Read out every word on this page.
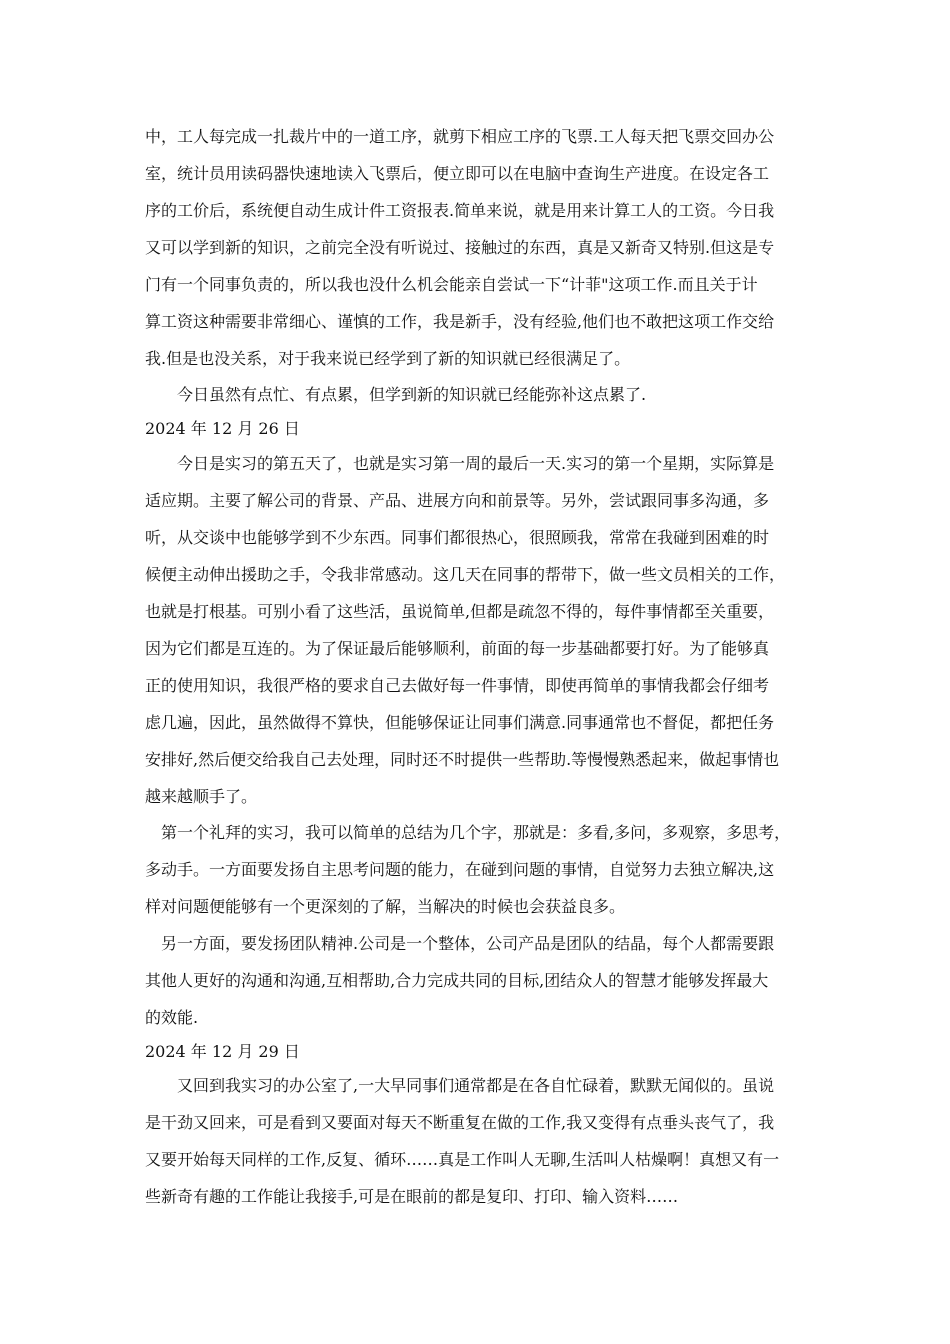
中，工人每完成一扎裁片中的一道工序，就剪下相应工序的飞票.工人每天把飞票交回办公
室，统计员用读码器快速地读入飞票后，便立即可以在电脑中查询生产进度。在设定各工
序的工价后，系统便自动生成计件工资报表.简单来说，就是用来计算工人的工资。今日我
又可以学到新的知识，之前完全没有听说过、接触过的东西，真是又新奇又特别.但这是专
门有一个同事负责的，所以我也没什么机会能亲自尝试一下“计菲"这项工作.而且关于计
算工资这种需要非常细心、谨慎的工作，我是新手，没有经验,他们也不敢把这项工作交给
我.但是也没关系，对于我来说已经学到了新的知识就已经很满足了。
今日虽然有点忙、有点累，但学到新的知识就已经能弥补这点累了.
2024 年 12 月 26 日
今日是实习的第五天了，也就是实习第一周的最后一天.实习的第一个星期，实际算是
适应期。主要了解公司的背景、产品、进展方向和前景等。另外，尝试跟同事多沟通，多
听，从交谈中也能够学到不少东西。同事们都很热心，很照顾我，常常在我碰到困难的时
候便主动伸出援助之手，令我非常感动。这几天在同事的帮带下，做一些文员相关的工作，
也就是打根基。可别小看了这些活，虽说简单,但都是疏忽不得的，每件事情都至关重要，
因为它们都是互连的。为了保证最后能够顺利，前面的每一步基础都要打好。为了能够真
正的使用知识，我很严格的要求自己去做好每一件事情，即使再简单的事情我都会仔细考
虑几遍，因此，虽然做得不算快，但能够保证让同事们满意.同事通常也不督促，都把任务
安排好,然后便交给我自己去处理，同时还不时提供一些帮助.等慢慢熟悉起来，做起事情也
越来越顺手了。
第一个礼拜的实习，我可以简单的总结为几个字，那就是：多看,多问，多观察，多思考，
多动手。一方面要发扬自主思考问题的能力，在碰到问题的事情，自觉努力去独立解决,这
样对问题便能够有一个更深刻的了解，当解决的时候也会获益良多。
另一方面，要发扬团队精神.公司是一个整体，公司产品是团队的结晶，每个人都需要跟
其他人更好的沟通和沟通,互相帮助,合力完成共同的目标,团结众人的智慧才能够发挥最大
的效能.
2024 年 12 月 29 日
又回到我实习的办公室了,一大早同事们通常都是在各自忙碌着，默默无闻似的。虽说
是干劲又回来，可是看到又要面对每天不断重复在做的工作,我又变得有点垂头丧气了，我
又要开始每天同样的工作,反复、循环……真是工作叫人无聊,生活叫人枯燥啊！真想又有一
些新奇有趣的工作能让我接手,可是在眼前的都是复印、打印、输入资料……
